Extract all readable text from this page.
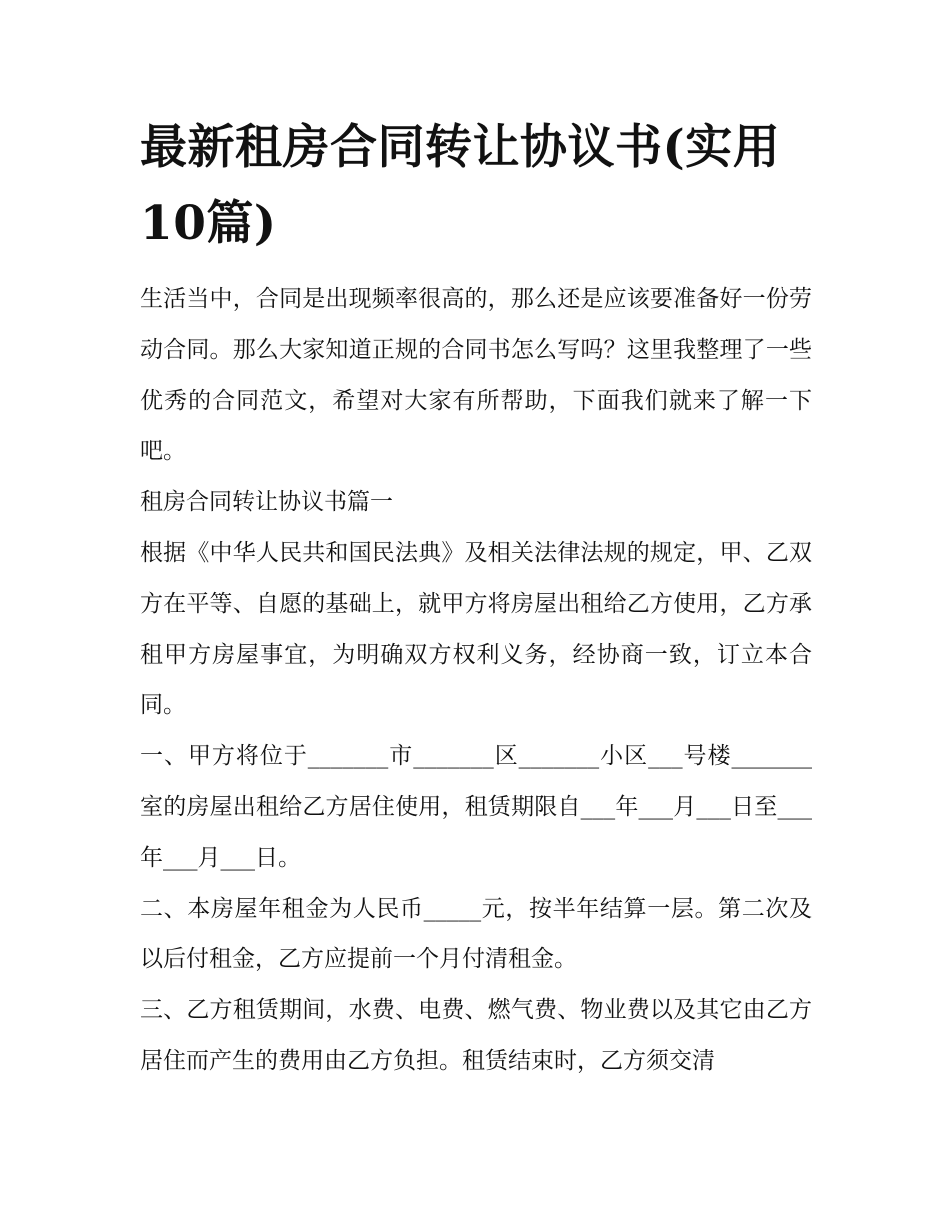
最新租房合同转让协议书(实用10篇)

生活当中，合同是出现频率很高的，那么还是应该要准备好一份劳动合同。那么大家知道正规的合同书怎么写吗？这里我整理了一些优秀的合同范文，希望对大家有所帮助，下面我们就来了解一下吧。

租房合同转让协议书篇一

根据《中华人民共和国民法典》及相关法律法规的规定，甲、乙双方在平等、自愿的基础上，就甲方将房屋出租给乙方使用，乙方承租甲方房屋事宜，为明确双方权利义务，经协商一致，订立本合同。

一、甲方将位于_______市_______区_______小区___号楼_______室的房屋出租给乙方居住使用，租赁期限自___年___月___日至___年___月___日。

二、本房屋年租金为人民币_____元，按半年结算一层。第二次及以后付租金，乙方应提前一个月付清租金。

三、乙方租赁期间，水费、电费、燃气费、物业费以及其它由乙方居住而产生的费用由乙方负担。租赁结束时，乙方须交清
